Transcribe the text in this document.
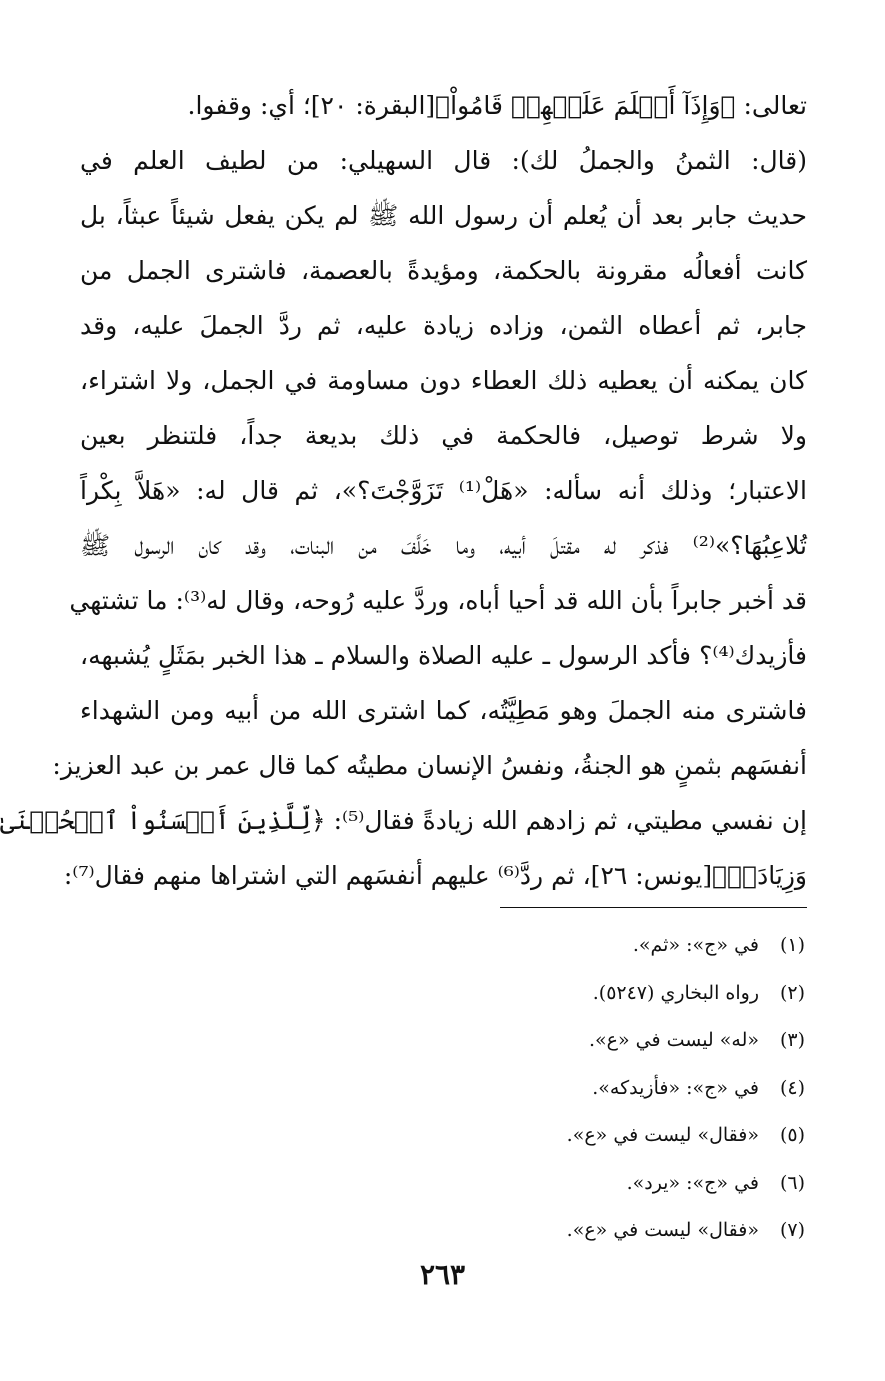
تعالى: ﴿وَإِذَآ أَظۡلَمَ عَلَيۡهِمۡ قَامُواْ﴾[البقرة: ٢٠]؛ أي: وقفوا.
(قال: الثمنُ والجملُ لك): قال السهيلي: من لطيف العلم في
حديث جابر بعد أن يُعلم أن رسول الله ﷺ لم يكن يفعل شيئاً عبثاً، بل
كانت أفعالُه مقرونة بالحكمة، ومؤيدةً بالعصمة، فاشترى الجمل من
جابر، ثم أعطاه الثمن، وزاده زيادة عليه، ثم ردَّ الجملَ عليه، وقد
كان يمكنه أن يعطيه ذلك العطاء دون مساومة في الجمل، ولا اشتراء،
ولا شرط توصيل، فالحكمة في ذلك بديعة جداً، فلتنظر بعين
الاعتبار؛ وذلك أنه سأله: «هَلْ⁽¹⁾ تَزَوَّجْتَ؟»، ثم قال له: «هَلاَّ بِكْراً
تُلاعِبُهَا؟»⁽²⁾ فذكر له مقتلَ أبيه، وما خَلَّفَ من البنات، وقد كان الرسول ﷺ
قد أخبر جابراً بأن الله قد أحيا أباه، وردَّ عليه رُوحه، وقال له⁽³⁾: ما تشتهي
فأزيدك⁽⁴⁾؟ فأكد الرسول ـ عليه الصلاة والسلام ـ هذا الخبر بمَثَلٍ يُشبهه،
فاشترى منه الجملَ وهو مَطِيَّتُه، كما اشترى الله من أبيه ومن الشهداء
أنفسَهم بثمنٍ هو الجنةُ، ونفسُ الإنسان مطيتُه كما قال عمر بن عبد العزيز:
إن نفسي مطيتي، ثم زادهم الله زيادةً فقال⁽⁵⁾: ﴿لِّلَّذِينَ أَحۡسَنُواْ ٱلۡحُسۡنَىٰ
وَزِيَادَةٞ﴾[يونس: ٢٦]، ثم ردَّ⁽⁶⁾ عليهم أنفسَهم التي اشتراها منهم فقال⁽⁷⁾:
(١)في «ج»: «ثم».
(٢)رواه البخاري (٥٢٤٧).
(٣)«له» ليست في «ع».
(٤)في «ج»: «فأزيدكه».
(٥)«فقال» ليست في «ع».
(٦)في «ج»: «يرد».
(٧)«فقال» ليست في «ع».
٢٦٣
